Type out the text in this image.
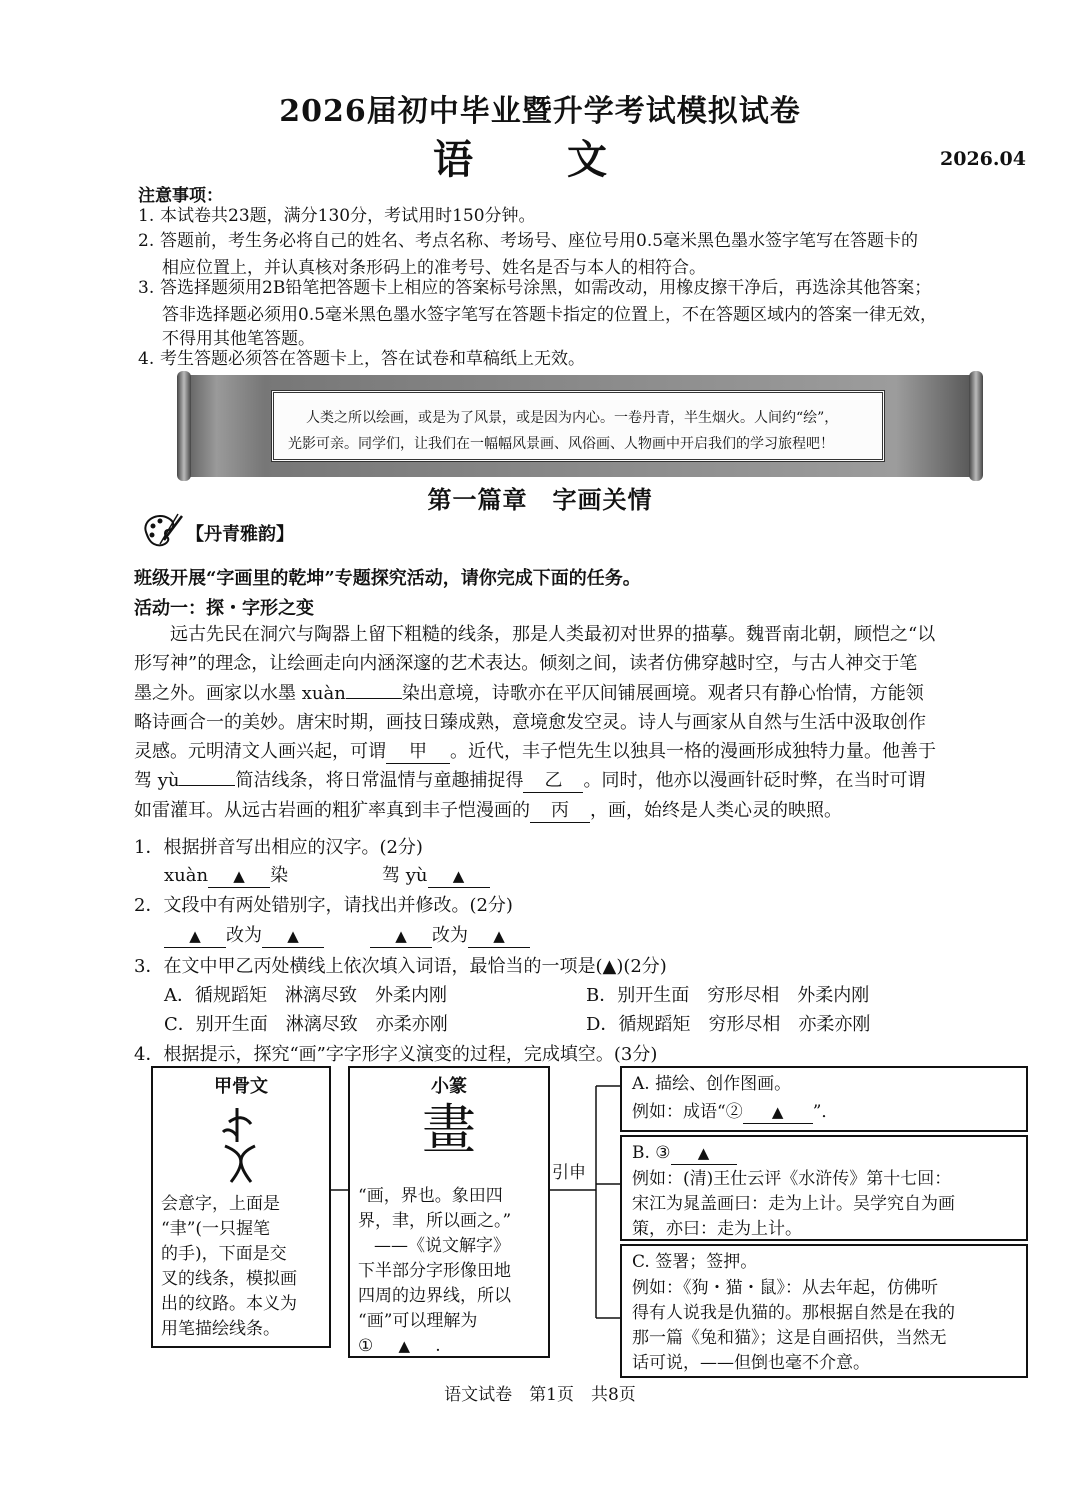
2026届初中毕业暨升学考试模拟试卷
语 文	2026.04
注意事项：
1. 本试卷共23题，满分130分，考试用时150分钟。
2. 答题前，考生务必将自己的姓名、考点名称、考场号、座位号用0.5毫米黑色墨水签字笔写在答题卡的
相应位置上，并认真核对条形码上的准考号、姓名是否与本人的相符合。
3. 答选择题须用2B铅笔把答题卡上相应的答案标号涂黑，如需改动，用橡皮擦干净后，再选涂其他答案；
答非选择题必须用0.5毫米黑色墨水签字笔写在答题卡指定的位置上，不在答题区域内的答案一律无效，
不得用其他笔答题。
4. 考生答题必须答在答题卡上，答在试卷和草稿纸上无效。
人类之所以绘画，或是为了风景，或是因为内心。一卷丹青，半生烟火。人间约“绘”，
光影可亲。同学们，让我们在一幅幅风景画、风俗画、人物画中开启我们的学习旅程吧！
第一篇章　字画关情
【丹青雅韵】
班级开展“字画里的乾坤”专题探究活动，请你完成下面的任务。
活动一：探・字形之变
远古先民在洞穴与陶器上留下粗糙的线条，那是人类最初对世界的描摹。魏晋南北朝，顾恺之“以
形写神”的理念，让绘画走向内涵深邃的艺术表达。倾刻之间，读者仿佛穿越时空，与古人神交于笔
墨之外。画家以水墨 xuàn	染出意境，诗歌亦在平仄间铺展画境。观者只有静心怡情，方能领
略诗画合一的美妙。唐宋时期，画技日臻成熟，意境愈发空灵。诗人与画家从自然与生活中汲取创作
灵感。元明清文人画兴起，可谓 甲 。近代，丰子恺先生以独具一格的漫画形成独特力量。他善于
驾 yù	简洁线条，将日常温情与童趣捕捉得 乙 。同时，他亦以漫画针砭时弊，在当时可谓
如雷灌耳。从远古岩画的粗犷率真到丰子恺漫画的 丙 ，画，始终是人类心灵的映照。
1．根据拼音写出相应的汉字。(2分)
xuàn ▲ 染	驾 yù ▲
2．文段中有两处错别字，请找出并修改。(2分)
▲ 改为 ▲	▲ 改为 ▲
3．在文中甲乙丙处横线上依次填入词语，最恰当的一项是(▲)(2分)
A．循规蹈矩　 淋漓尽致　 外柔内刚	B．别开生面　 穷形尽相　 外柔内刚
C．别开生面　 淋漓尽致　 亦柔亦刚	D．循规蹈矩　 穷形尽相　 亦柔亦刚
4．根据提示，探究“画”字字形字义演变的过程，完成填空。(3分)
甲骨文
会意字，上面是
“聿”(一只握笔
的手)，下面是交
叉的线条，模拟画
出的纹路。本义为
用笔描绘线条。
小篆
畫
“画，界也。象田四
界，聿，所以画之。”
——《说文解字》
下半部分字形像田地
四周的边界线，所以
“画”可以理解为
① ▲ .
引申
A. 描绘、创作图画。
例如：成语“② ▲ ”．
B. ③ ▲
例如：(清)王仕云评《水浒传》第十七回：
宋江为晁盖画曰：走为上计。吴学究自为画
策，亦曰：走为上计。
C. 签署；签押。
例如：《狗・猫・鼠》：从去年起，仿佛听
得有人说我是仇猫的。那根据自然是在我的
那一篇《兔和猫》；这是自画招供，当然无
话可说，——但倒也毫不介意。
语文试卷　第1页　共8页
